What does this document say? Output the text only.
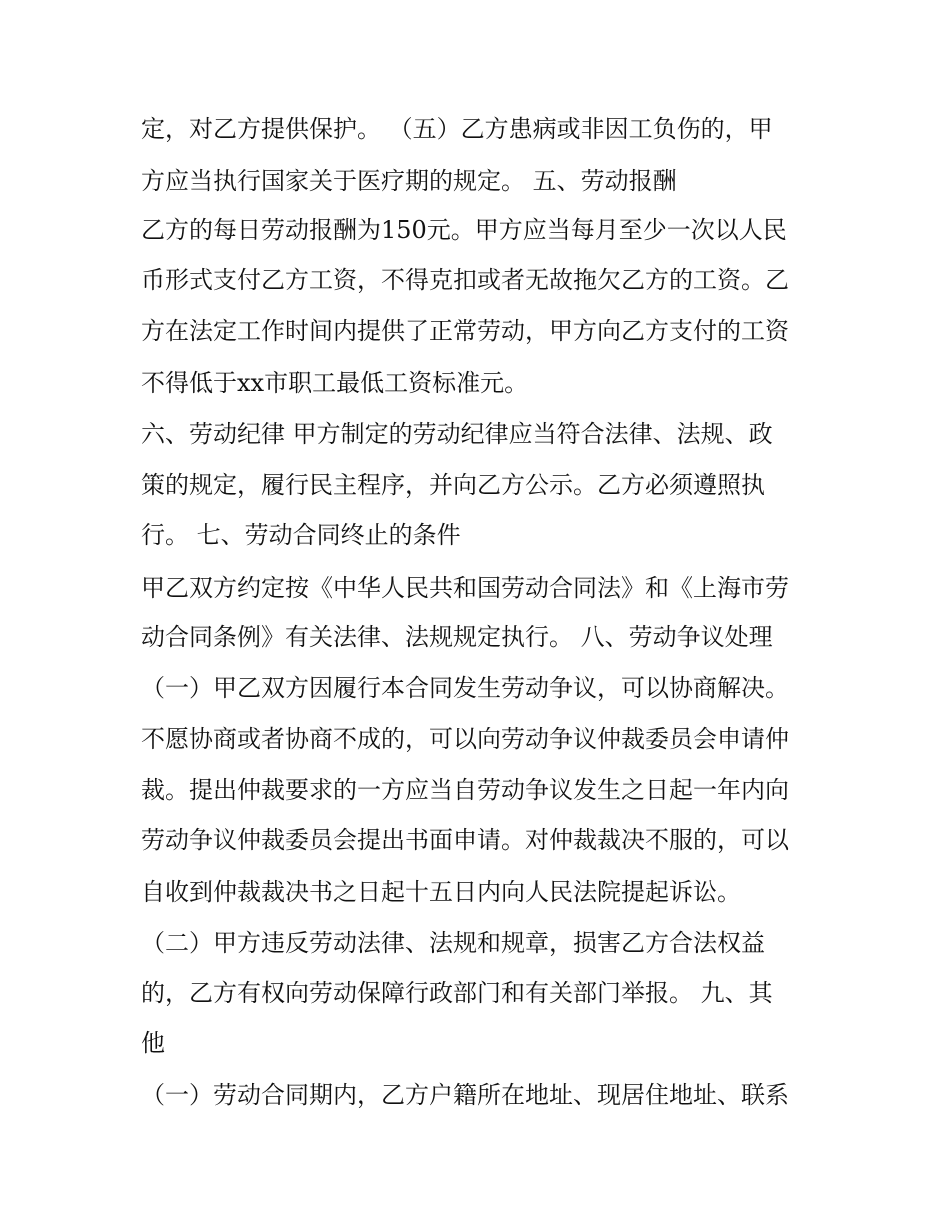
定，对乙方提供保护。 （五）乙方患病或非因工负伤的，甲
方应当执行国家关于医疗期的规定。 五、劳动报酬
乙方的每日劳动报酬为150元。甲方应当每月至少一次以人民
币形式支付乙方工资，不得克扣或者无故拖欠乙方的工资。乙
方在法定工作时间内提供了正常劳动，甲方向乙方支付的工资
不得低于xx市职工最低工资标准元。
六、劳动纪律 甲方制定的劳动纪律应当符合法律、法规、政
策的规定，履行民主程序，并向乙方公示。乙方必须遵照执
行。 七、劳动合同终止的条件
甲乙双方约定按《中华人民共和国劳动合同法》和《上海市劳
动合同条例》有关法律、法规规定执行。 八、劳动争议处理
（一）甲乙双方因履行本合同发生劳动争议，可以协商解决。
不愿协商或者协商不成的，可以向劳动争议仲裁委员会申请仲
裁。提出仲裁要求的一方应当自劳动争议发生之日起一年内向
劳动争议仲裁委员会提出书面申请。对仲裁裁决不服的，可以
自收到仲裁裁决书之日起十五日内向人民法院提起诉讼。
（二）甲方违反劳动法律、法规和规章，损害乙方合法权益
的，乙方有权向劳动保障行政部门和有关部门举报。 九、其
他
（一）劳动合同期内，乙方户籍所在地址、现居住地址、联系
